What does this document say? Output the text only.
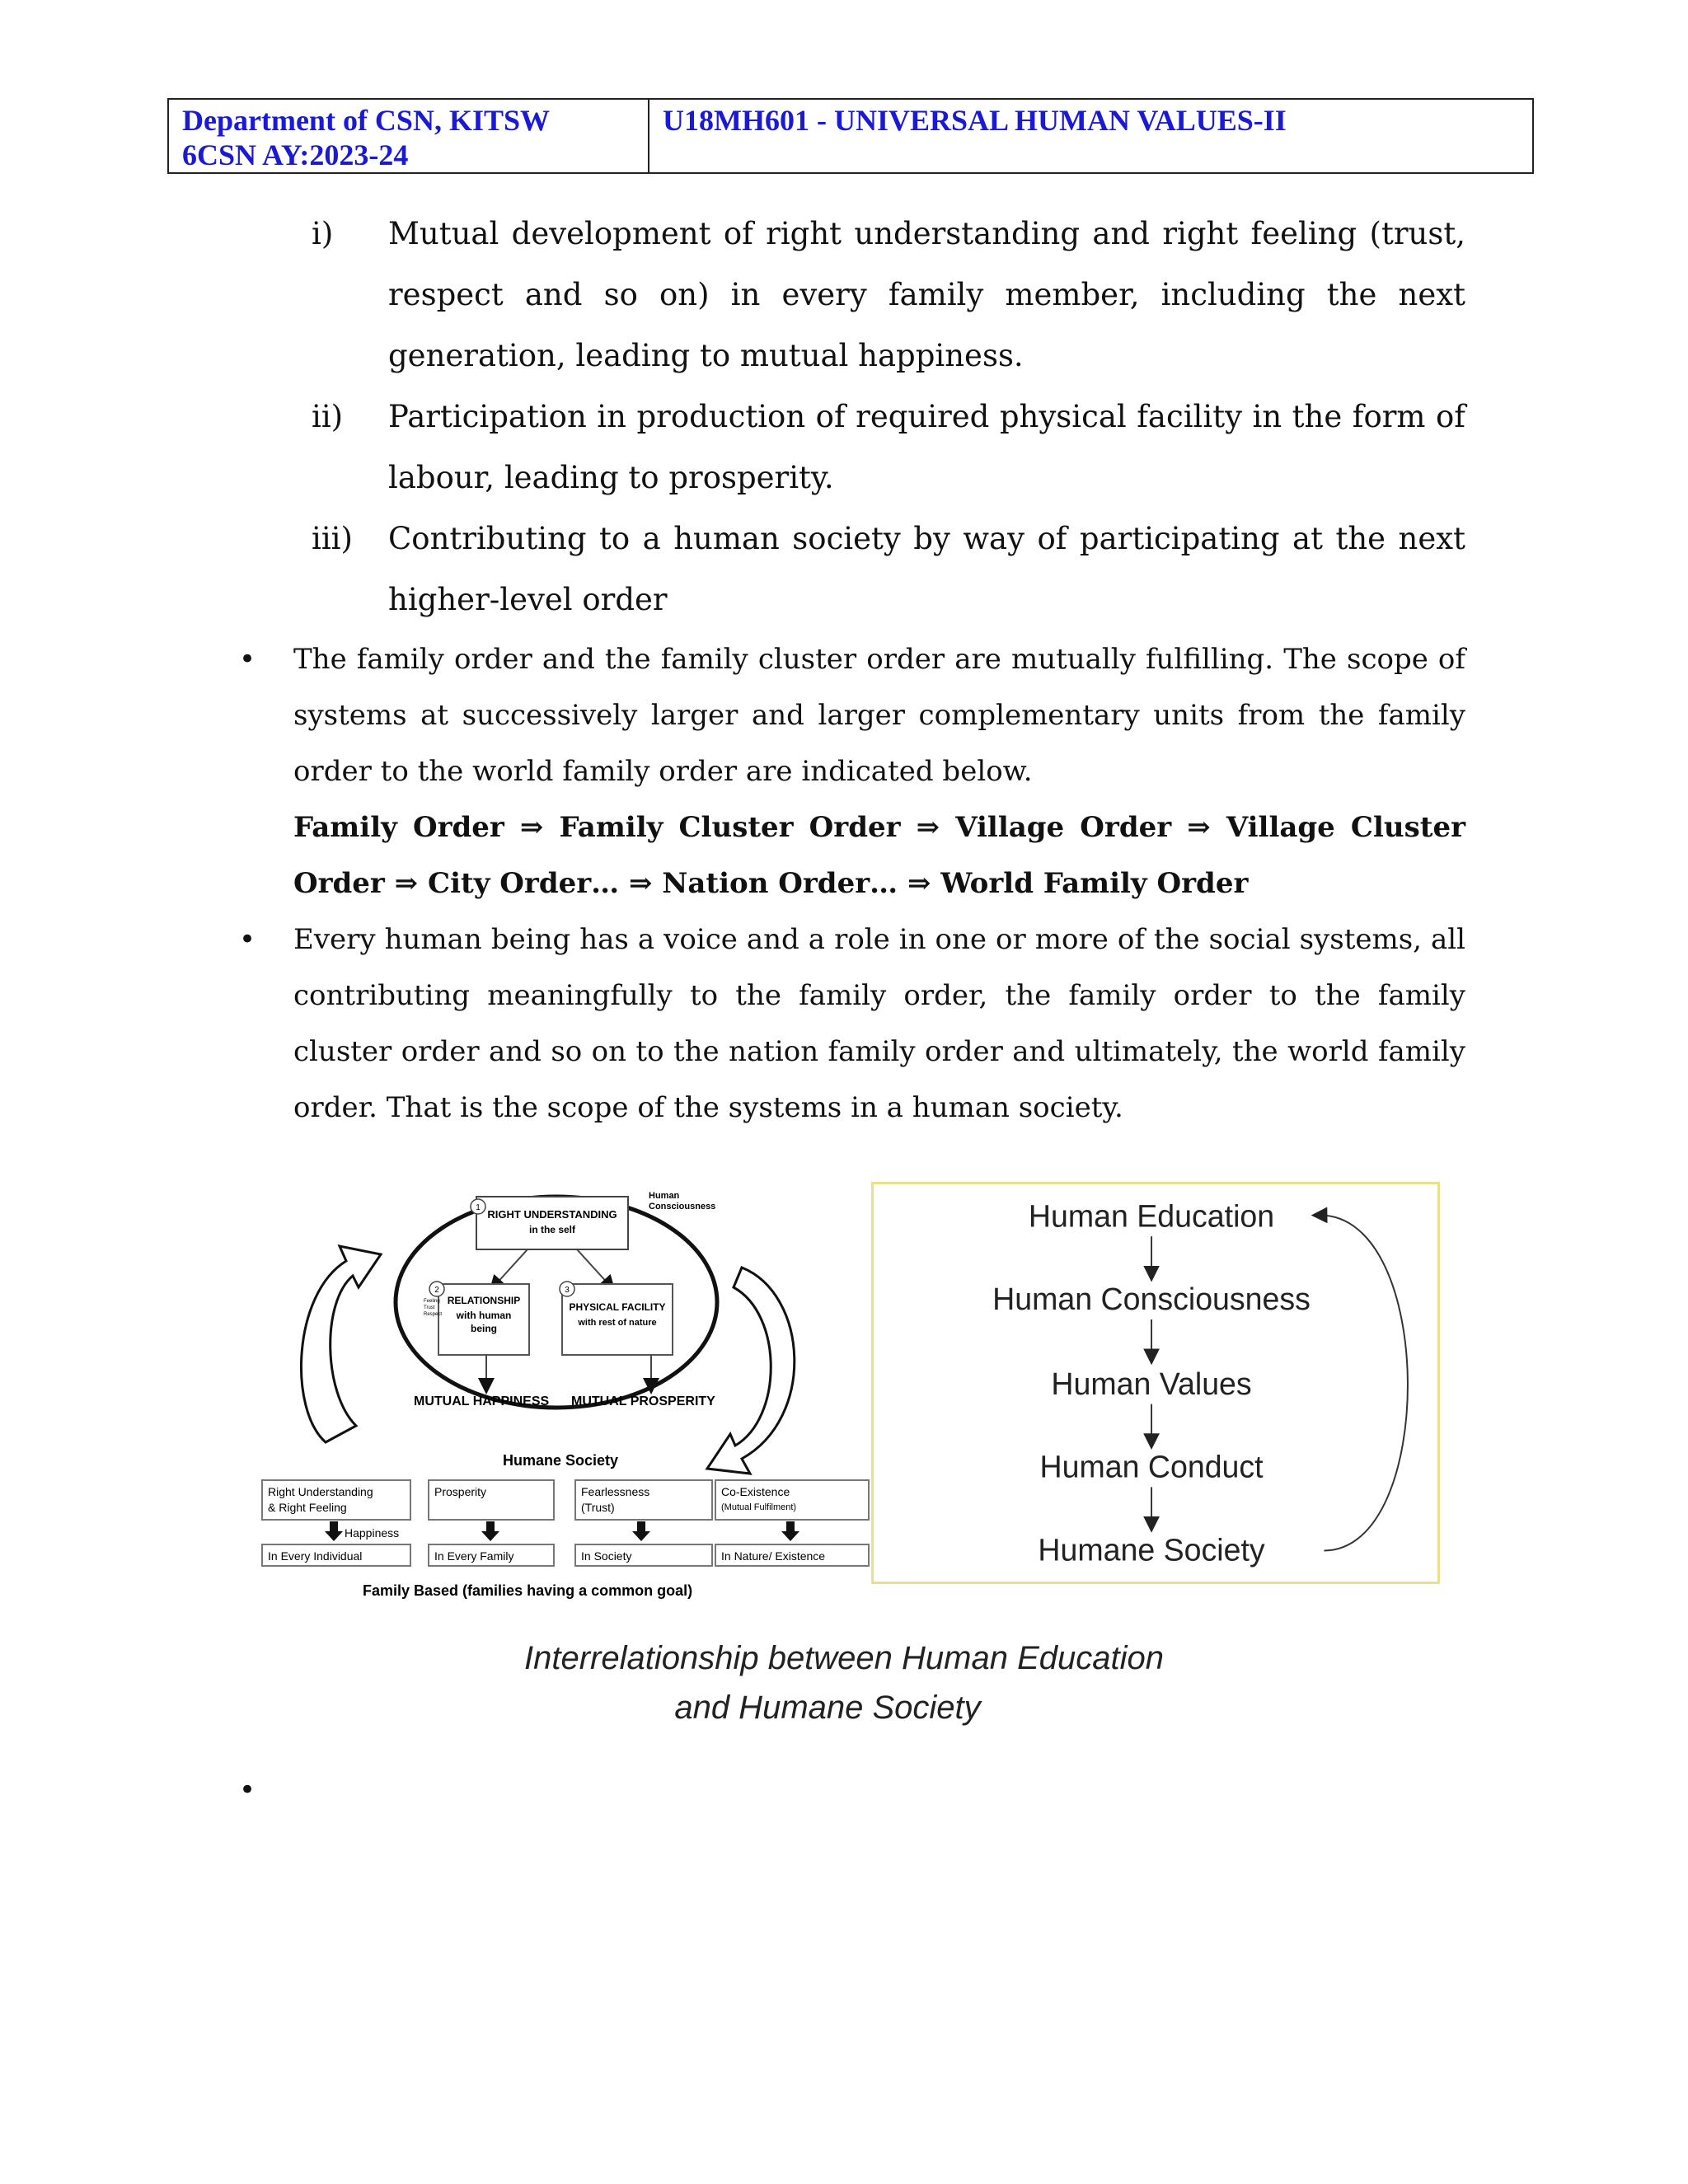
Department of CSN, KITSW
6CSN AY:2023-24
U18MH601 - UNIVERSAL HUMAN VALUES-II
i) Mutual development of right understanding and right feeling (trust, respect and so on) in every family member, including the next generation, leading to mutual happiness.
ii) Participation in production of required physical facility in the form of labour, leading to prosperity.
iii) Contributing to a human society by way of participating at the next higher-level order
• The family order and the family cluster order are mutually fulfilling. The scope of systems at successively larger and larger complementary units from the family order to the world family order are indicated below.
Family Order ⇒ Family Cluster Order ⇒ Village Order ⇒ Village Cluster Order ⇒ City Order… ⇒ Nation Order… ⇒ World Family Order
• Every human being has a voice and a role in one or more of the social systems, all contributing meaningfully to the family order, the family order to the family cluster order and so on to the nation family order and ultimately, the world family order. That is the scope of the systems in a human society.
Human
Consciousness
1
RIGHT UNDERSTANDING
in the self
2
RELATIONSHIP
with human
being
Feeling
Trust
Respect
3
PHYSICAL FACILITY
with rest of nature
MUTUAL HAPPINESS MUTUAL PROSPERITY
Humane Society
Right Understanding
& Right Feeling
Happiness
In Every Individual
Prosperity
In Every Family
Fearlessness
(Trust)
In Society
Co-Existence
(Mutual Fulfilment)
In Nature/ Existence
Family Based (families having a common goal)
Human Education
Human Consciousness
Human Values
Human Conduct
Humane Society
Interrelationship between Human Education
and Humane Society
•
